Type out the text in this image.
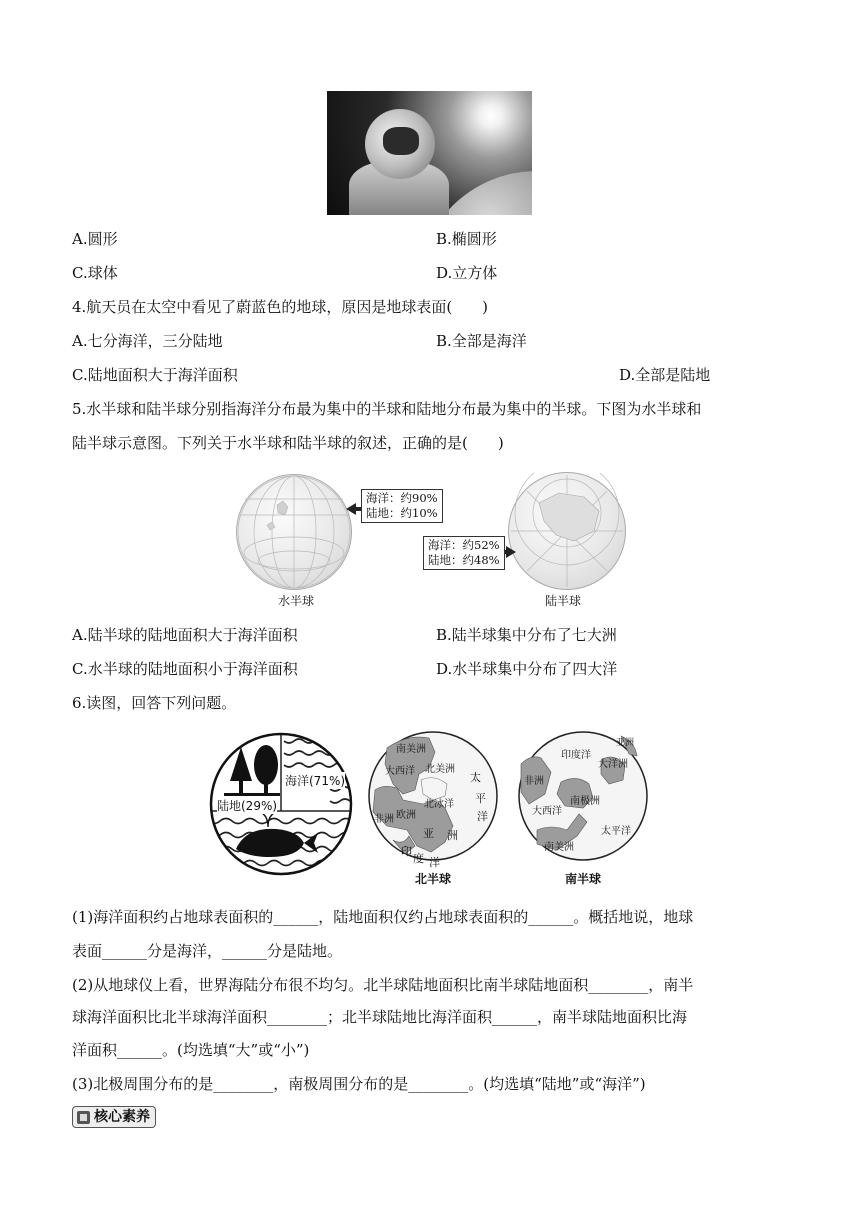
A.圆形	B.椭圆形
C.球体	D.立方体
4.航天员在太空中看见了蔚蓝色的地球，原因是地球表面(　　)
A.七分海洋，三分陆地	B.全部是海洋
C.陆地面积大于海洋面积	D.全部是陆地
5.水半球和陆半球分别指海洋分布最为集中的半球和陆地分布最为集中的半球。下图为水半球和
陆半球示意图。下列关于水半球和陆半球的叙述，正确的是(　　)
海洋：约90%
陆地：约10%
海洋：约52%
陆地：约48%
水半球	陆半球
A.陆半球的陆地面积大于海洋面积	B.陆半球集中分布了七大洲
C.水半球的陆地面积小于海洋面积	D.水半球集中分布了四大洋
6.读图，回答下列问题。
海洋(71%)
陆地(29%)
南美洲
大西洋 北美洲
太
平
洋
北冰洋
欧洲
非洲
亚 洲
印
度 洋
北半球
印度洋
大洋洲
非洲
南极洲
大西洋
太平洋
南美洲
亚洲
南半球
(1)海洋面积约占地球表面积的______，陆地面积仅约占地球表面积的______。概括地说，地球
表面______分是海洋，______分是陆地。
(2)从地球仪上看，世界海陆分布很不均匀。北半球陆地面积比南半球陆地面积________，南半
球海洋面积比北半球海洋面积________；北半球陆地比海洋面积______，南半球陆地面积比海
洋面积______。(均选填“大”或“小”)
(3)北极周围分布的是________，南极周围分布的是________。(均选填“陆地”或“海洋”)
核心素养
